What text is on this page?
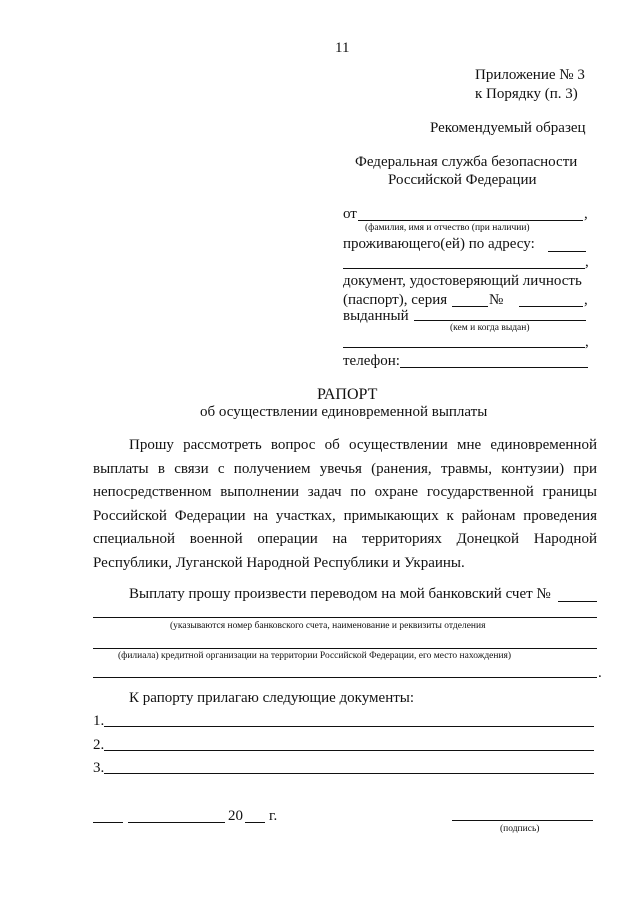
11
Приложение № 3
к Порядку (п. 3)
Рекомендуемый образец
Федеральная служба безопасности
Российской Федерации
от	,
(фамилия, имя и отчество (при наличии)
проживающего(ей) по адресу:
,
документ, удостоверяющий личность
(паспорт), серия	№	,
выданный
(кем и когда выдан)
,
телефон:
РАПОРТ
об осуществлении единовременной выплаты
Прошу рассмотреть вопрос об осуществлении мне единовременной выплаты в связи с получением увечья (ранения, травмы, контузии) при непосредственном выполнении задач по охране государственной границы Российской Федерации на участках, примыкающих к районам проведения специальной военной операции на территориях Донецкой Народной Республики, Луганской Народной Республики и Украины.
Выплату прошу произвести переводом на мой банковский счет №
(указываются номер банковского счета, наименование и реквизиты отделения
(филиала) кредитной организации на территории Российской Федерации, его место нахождения)
.
К рапорту прилагаю следующие документы:
1.
2.
3.
20 г.
(подпись)
